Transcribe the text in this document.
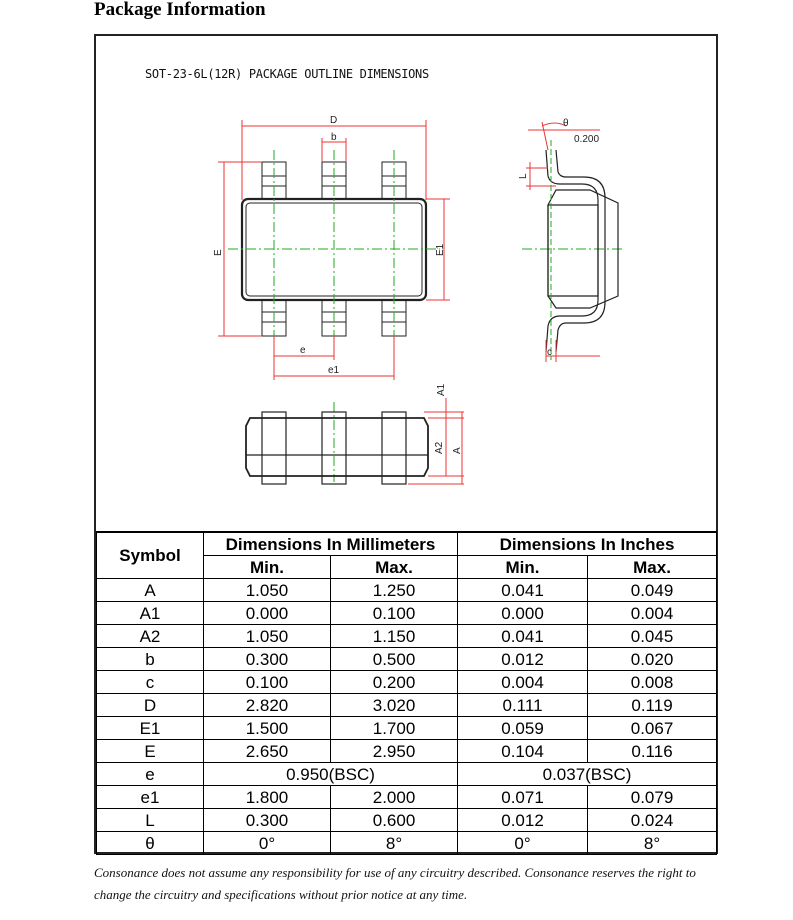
Package Information
SOT-23-6L(12R) PACKAGE OUTLINE DIMENSIONS
D
b
E	E1
e
e1
θ
0.200
L
c
A1
A2 A
Symbol	Dimensions In Millimeters		Dimensions In Inches	
	Min.	Max.	Min.	Max.
A	1.050	1.250	0.041	0.049
A1	0.000	0.100	0.000	0.004
A2	1.050	1.150	0.041	0.045
b	0.300	0.500	0.012	0.020
c	0.100	0.200	0.004	0.008
D	2.820	3.020	0.111	0.119
E1	1.500	1.700	0.059	0.067
E	2.650	2.950	0.104	0.116
e	0.950(BSC)		0.037(BSC)	
e1	1.800	2.000	0.071	0.079
L	0.300	0.600	0.012	0.024
θ	0°	8°	0°	8°
Consonance does not assume any responsibility for use of any circuitry described. Consonance reserves the right to change the circuitry and specifications without prior notice at any time.
